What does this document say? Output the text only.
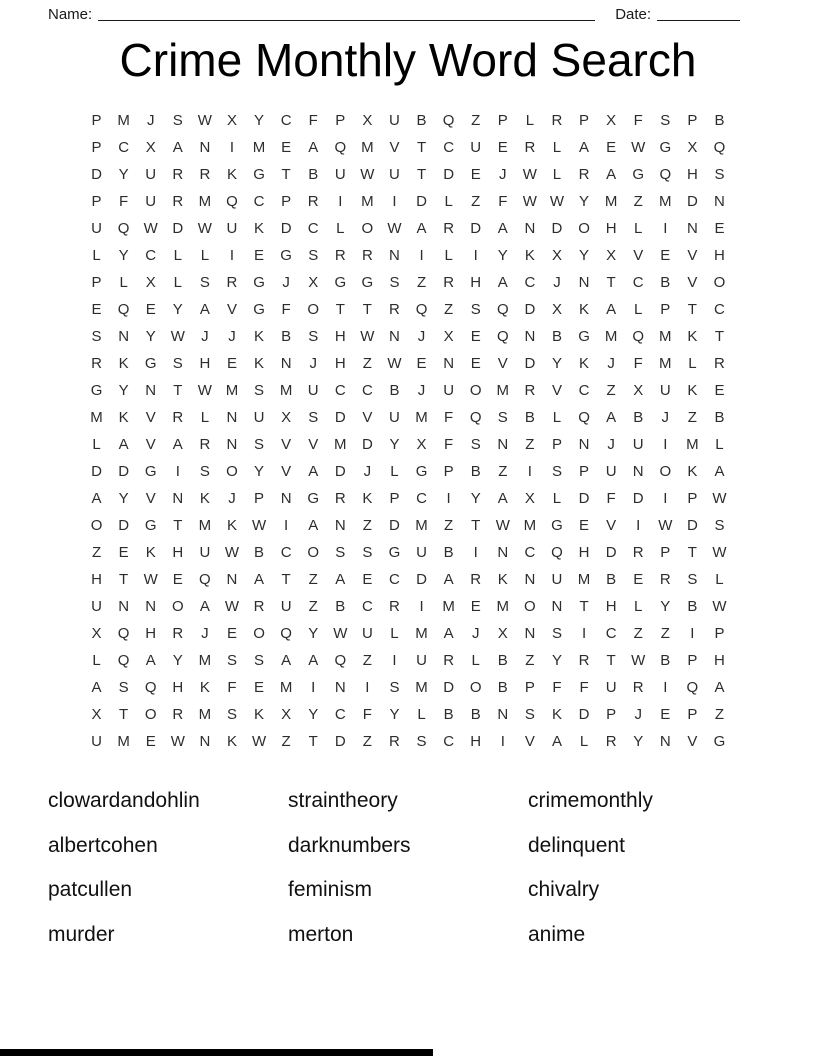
Name:	Date:
Crime Monthly Word Search
P	M	J	S W X	Y	C	F	P	X	U	B	Q	Z	P	L	R	P	X	F	S	P	B
P	C	X	A	N	I	M	E	A	Q M	V	T	C	U	E	R	L	A	E W G	X	Q
D	Y	U	R	R	K	G	T	B	U W U	T	D	E	J	W	L	R	A	G	Q	H	S
P	F	U	R	M	Q	C	P	R	I	M	I	D	L	Z	F	W W	Y	M	Z	M	D	N
U	Q W D W U	K	D	C	L	O W	A	R	D	A	N	D	O	H	L	I	N	E
L	Y	C	L	L	I	E	G	S	R	R	N	I	L	I	Y	K	X	Y	X	V	E	V	H
P	L	X	L	S	R	G	J	X	G	G	S	Z	R	H	A	C	J	N	T	C	B	V	O
E	Q	E	Y	A	V	G	F	O	T	T	R	Q	Z	S	Q	D	X	K	A	L	P	T	C
S	N	Y	W	J	J	K	B	S	H W N	J	X	E	Q	N	B	G M	Q	M	K	T
R	K	G	S	H	E	K	N	J	H	Z	W	E	N	E	V	D	Y	K	J	F	M	L	R
G	Y	N	T	W M	S	M	U	C	C	B	J	U	O	M	R	V	C	Z	X	U	K	E
M	K	V	R	L	N	U	X	S	D	V	U	M	F	Q	S	B	L	Q	A	B	J	Z	B
L	A	V	A	R	N	S	V	V	M	D	Y	X	F	S	N	Z	P	N	J	U	I	M	L
D	D	G	I	S	O	Y	V	A	D	J	L	G	P	B	Z	I	S	P	U	N	O	K	A
A	Y	V	N	K	J	P	N	G	R	K	P	C	I	Y	A	X	L	D	F	D	I	P W
O	D	G	T	M	K	W	I	A	N	Z	D	M	Z	T	W M	G	E	V	I	W D	S
Z	E	K	H	U W	B	C	O	S	S	G	U	B	I	N	C	Q	H	D	R	P	T	W
H	T	W	E	Q	N	A	T	Z	A	E	C	D	A	R	K	N	U	M	B	E	R	S	L
U	N	N	O	A W R	U	Z	B	C	R	I	M	E	M	O	N	T	H	L	Y	B W
X	Q	H	R	J	E	O	Q	Y	W U	L	M	A	J	X	N	S	I	C	Z	Z	I	P
L	Q	A	Y	M	S	S	A	A	Q	Z	I	U	R	L	B	Z	Y	R	T	W	B	P	H
A	S	Q	H	K	F	E	M	I	N	I	S	M	D	O	B	P	F	F	U	R	I	Q	A
X	T	O	R	M	S	K	X	Y	C	F	Y	L	B	B	N	S	K	D	P	J	E	P	Z
U	M	E	W N	K	W	Z	T	D	Z	R	S	C	H	I	V	A	L	R	Y	N	V	G
clowardandohlin
albertcohen
patcullen
murder
straintheory
darknumbers
feminism
merton
crimemonthly
delinquent
chivalry
anime
